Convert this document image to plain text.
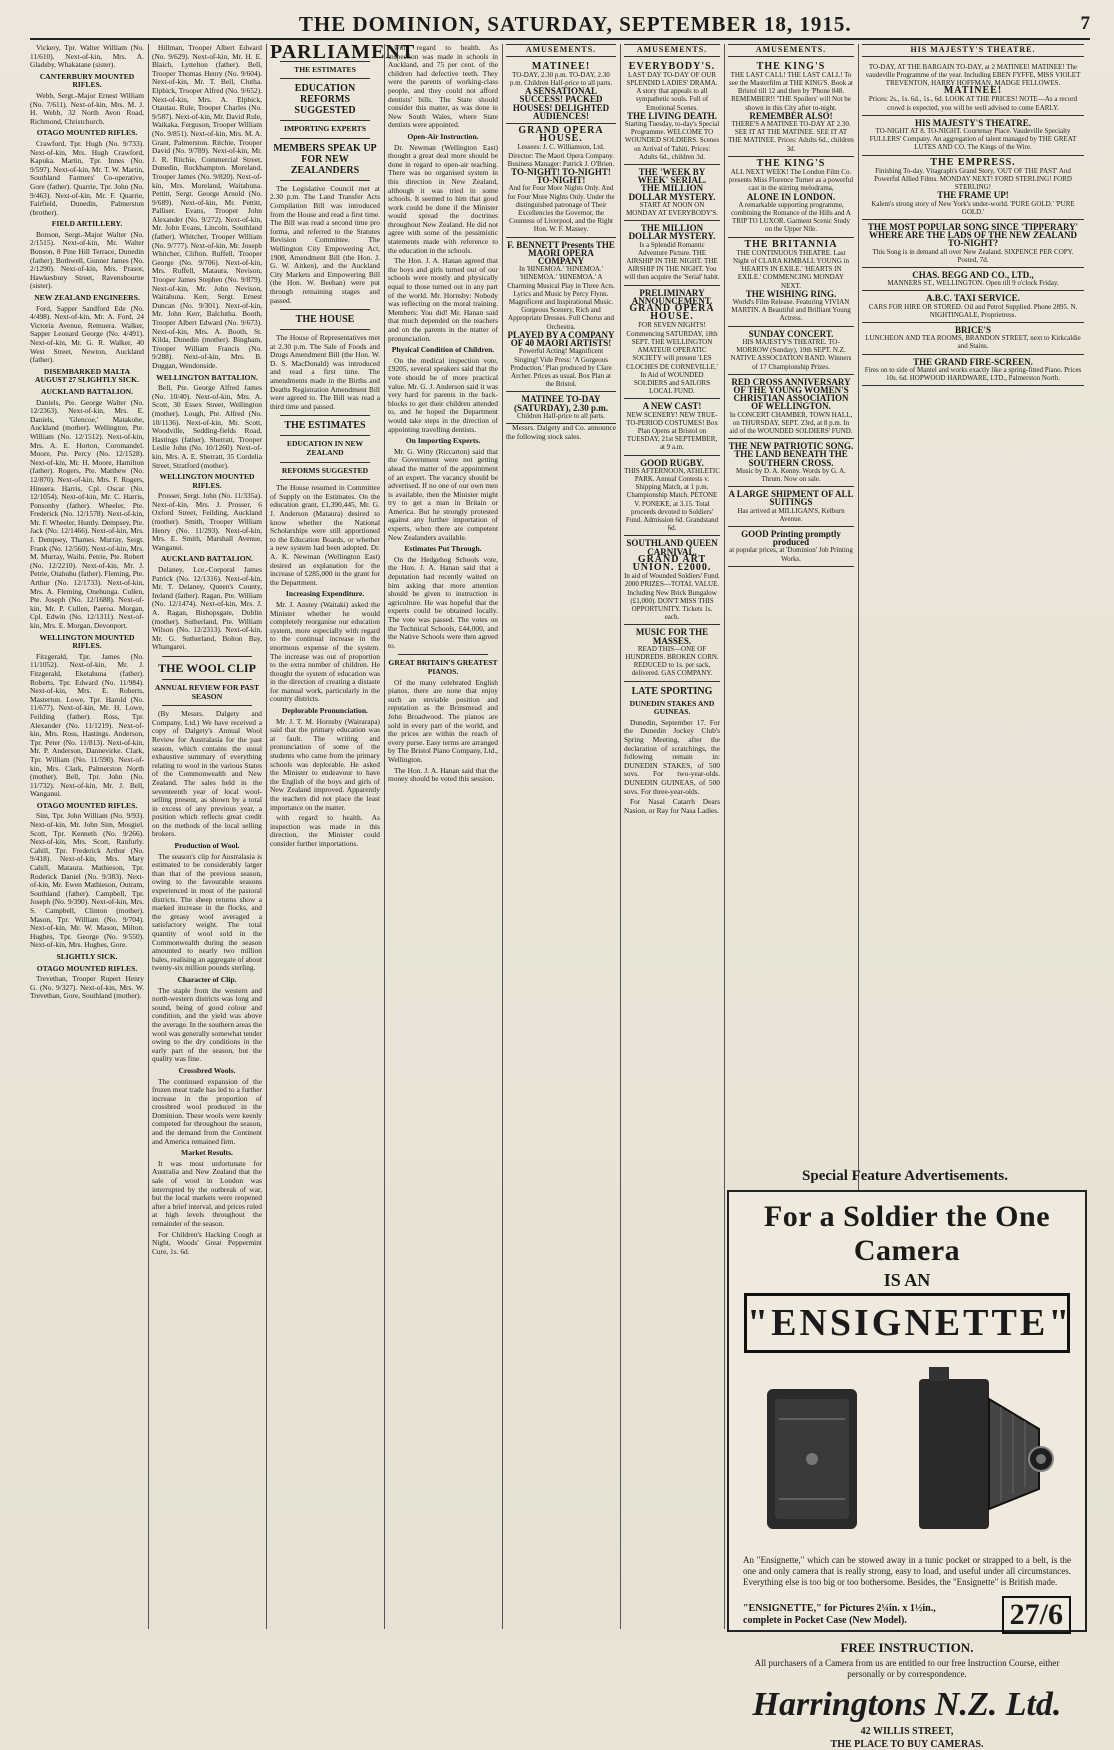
THE DOMINION, SATURDAY, SEPTEMBER 18, 1915.	7

Vickery, Tpr. Walter William (No. 11/610). Next-of-kin, Mrs. A. Gladsby, Whakatane (sister).

CANTERBURY MOUNTED RIFLES.

Webb, Sergt.-Major Ernest William (No. 7/611). Next-of-kin, Mrs. M. J. H. Webb, 32 North Avon Road, Richmond, Christchurch.

OTAGO MOUNTED RIFLES.

Crawford, Tpr. Hugh (No. 9/733). Next-of-kin, Mrs. Hugh Crawford, Kapuka. Martin, Tpr. Innes (No. 9/597). Next-of-kin, Mr. T. W. Martin, Southland Farmers' Co-operative, Gore (father). Quarrie, Tpr. John (No. 9/463). Next-of-kin, Mr. F. Quarrie, Fairfield, Dunedin, Palmerston (brother).

FIELD ARTILLERY.

Bonson, Sergt.-Major Walter (No. 2/1515). Next-of-kin, Mr. Walter Bonson, 8 Pine Hill Terrace, Dunedin (father). Bothwell, Gunner James (No. 2/1290). Next-of-kin, Mrs. Prasor, Hawkesbury Street, Ravensbourne (sister).

NEW ZEALAND ENGINEERS.

Ford, Sapper Sandford Ede (No. 4/498). Next-of-kin, Mr. A. Ford, 24 Victoria Avenue, Remuera. Walker, Sapper Leonard George (No. 4/491). Next-of-kin, Mr. G. R. Walker, 40 West Street, Newton, Auckland (father).

DISEMBARKED MALTA AUGUST 27 SLIGHTLY SICK.
AUCKLAND BATTALION.

Daniels, Pte. George Walter (No. 12/2363). Next-of-kin, Mrs. E. Daniels, 'Glencoe,' Matakohe, Auckland (mother). Wellington, Pte. William (No. 12/1512). Next-of-kin, Mrs. A. E. Horton, Coromandel. Moore, Pte. Percy (No. 12/1528). Next-of-kin, Mr. H. Moore, Hamilton (father). Rogers, Pte. Matthew (No. 12/870). Next-of-kin, Mrs. F. Rogers, Hinuera. Harris, Cpl. Oscar (No. 12/1054). Next-of-kin, Mr. C. Harris, Ponsonby (father). Wheeler, Pte. Frederick (No. 12/1578). Next-of-kin, Mr. F. Wheeler, Huntly. Dempsey, Pte. Jack (No. 12/1466). Next-of-kin, Mrs. J. Dempsey, Thames. Murray, Sergt. Frank (No. 12/560). Next-of-kin, Mrs. M. Murray, Waihi. Petrie, Pte. Robert (No. 12/2210). Next-of-kin, Mr. J. Petrie, Otahuhu (father). Fleming, Pte. Arthur (No. 12/1733). Next-of-kin, Mrs. A. Fleming, Onehunga. Cullen, Pte. Joseph (No. 12/1688). Next-of-kin, Mr. P. Cullen, Paeroa. Morgan, Cpl. Edwin (No. 12/1311). Next-of-kin, Mrs. E. Morgan, Devonport.

WELLINGTON MOUNTED RIFLES.

Fitzgerald, Tpr. James (No. 11/1052). Next-of-kin, Mr. J. Fitzgerald, Eketahuna (father). Roberts, Tpr. Edward (No. 11/984). Next-of-kin, Mrs. E. Roberts, Masterton. Lowe, Tpr. Harold (No. 11/677). Next-of-kin, Mr. H. Lowe, Feilding (father). Ross, Tpr. Alexander (No. 11/1219). Next-of-kin, Mrs. Ross, Hastings. Anderson, Tpr. Peter (No. 11/813). Next-of-kin, Mr. P. Anderson, Dannevirke. Clark, Tpr. William (No. 11/590). Next-of-kin, Mrs. Clark, Palmerston North (mother). Bell, Tpr. John (No. 11/732). Next-of-kin, Mr. J. Bell, Wanganui.

OTAGO MOUNTED RIFLES.

Sim, Tpr. John William (No. 9/93). Next-of-kin, Mr. John Sim, Mosgiel. Scott, Tpr. Kenneth (No. 9/266). Next-of-kin, Mrs. Scott, Ranfurly. Cahill, Tpr. Frederick Arthur (No. 9/418). Next-of-kin, Mrs. Mary Cahill, Mataura. Mathieson, Tpr. Roderick Daniel (No. 9/383). Next-of-kin, Mr. Ewen Mathieson, Outram, Southland (father). Campbell, Tpr. Joseph (No. 9/390). Next-of-kin, Mrs. S. Campbell, Clinton (mother). Mason, Tpr. William (No. 9/704). Next-of-kin, Mr. W. Mason, Milton. Hughes, Tpr. George (No. 9/550). Next-of-kin, Mrs. Hughes, Gore.

SLIGHTLY SICK.
OTAGO MOUNTED RIFLES.

Trevethan, Trooper Rupert Henry G. (No. 9/327). Next-of-kin, Mrs. W. Trevethan, Gore, Southland (mother).

Hillman, Trooper Albert Edward (No. 9/629). Next-of-kin, Mr. H. E. Blaich, Lyttelton (father). Bell, Trooper Thomas Henry (No. 9/604). Next-of-kin, Mr. T. Bell, Clutha. Elphick, Trooper Alfred (No. 9/652). Next-of-kin, Mrs. A. Elphick, Otautau. Rule, Trooper Charles (No. 9/587). Next-of-kin, Mr. David Rule, Waikaka. Ferguson, Trooper William (No. 9/851). Next-of-kin, Mrs. M. A. Grant, Palmerston. Ritchie, Trooper David (No. 9/789). Next-of-kin, Mr. J. R. Ritchie, Commercial Street, Dunedin, Rockhampton. Moreland, Trooper James (No. 9/820). Next-of-kin, Mrs. Moreland, Waitahuna. Pettitt, Sergt. George Arnold (No. 9/689). Next-of-kin, Mr. Pettitt, Palliser. Evans, Trooper John Alexander (No. 9/272). Next-of-kin, Mr. John Evans, Lincoln, Southland (father). Whitcher, Trooper William (No. 9/777). Next-of-kin, Mr. Joseph Whitcher, Clifton. Ruffell, Trooper George (No. 9/706). Next-of-kin, Mrs. Ruffell, Mataura. Nevison, Trooper James Stephen (No. 9/879). Next-of-kin, Mr. John Nevison, Waitahuna. Kerr, Sergt. Ernest Duncan (No. 9/301). Next-of-kin, Mr. John Kerr, Balclutha. Booth, Trooper Albert Edward (No. 9/673). Next-of-kin, Mrs. A. Booth, St. Kilda, Dunedin (mother). Bingham, Trooper William Francis (No. 9/288). Next-of-kin, Mrs. B. Duggan, Wendonside.

WELLINGTON BATTALION.

Bell, Pte. George Alfred James (No. 10/40). Next-of-kin, Mrs. A. Scott, 30 Essex Street, Wellington (mother). Lough, Pte. Alfred (No. 10/1136). Next-of-kin, Mr. Scott, Woodville, Sedding-fields Road, Hastings (father). Sherratt, Trooper Leslie John (No. 10/1260). Next-of-kin, Mrs. A. E. Sherratt, 35 Cordelia Street, Stratford (mother).

WELLINGTON MOUNTED RIFLES.

Prosser, Sergt. John (No. 11/335a). Next-of-kin, Mrs. J. Prosser, 6 Oxford Street, Feilding, Auckland (mother). Smith, Trooper William Henry (No. 11/293). Next-of-kin, Mrs. E. Smith, Marshall Avenue, Wanganui.

AUCKLAND BATTALION.

Delaney, Lce.-Corporal James Patrick (No. 12/1316). Next-of-kin, Mr. T. Delaney, Queen's County, Ireland (father). Ragan, Pte. William (No. 12/1474). Next-of-kin, Mrs. J. A. Ragan, Bishopsgate, Dublin (mother). Sutherland, Pte. William Wilson (No. 12/2313). Next-of-kin, Mr. G. Sutherland, Bolton Bay, Whangarei.

THE WOOL CLIP
ANNUAL REVIEW FOR PAST SEASON

(By Messrs. Dalgety and Company, Ltd.) We have received a copy of Dalgety's Annual Wool Review for Australasia for the past season, which contains the usual exhaustive summary of everything relating to wool in the various States of the Commonwealth and New Zealand. The sales held in the seventeenth year of local wool-selling present, as shown by a total in excess of any previous year, a position which reflects great credit on the methods of the local selling brokers.

Production of Wool.

The season's clip for Australasia is estimated to be considerably larger than that of the previous season, owing to the favourable seasons experienced in most of the pastoral districts. The sheep returns show a marked increase in the flocks, and the greasy wool averaged a satisfactory weight. The total quantity of wool sold in the Commonwealth during the season amounted to nearly two million bales, realising an aggregate of about twenty-six million pounds sterling.

Character of Clip.

The staple from the western and north-western districts was long and sound, being of good colour and condition, and the yield was above the average. In the southern areas the wool was generally somewhat tender owing to the dry conditions in the early part of the season, but the quality was fine.

Crossbred Wools.

The continued expansion of the frozen meat trade has led to a further increase in the proportion of crossbred wool produced in the Dominion. These wools were keenly competed for throughout the season, and the demand from the Continent and America remained firm.

Market Results.

It was most unfortunate for Australia and New Zealand that the sale of wool in London was interrupted by the outbreak of war, but the local markets were reopened after a brief interval, and prices ruled at high levels throughout the remainder of the season.

For Children's Hacking Cough at Night, Woods' Great Peppermint Cure, 1s. 6d.

PARLIAMENT
THE ESTIMATES
EDUCATION REFORMS SUGGESTED
IMPORTING EXPERTS
MEMBERS SPEAK UP FOR NEW ZEALANDERS

The Legislative Council met at 2.30 p.m. The Land Transfer Acts Compilation Bill was introduced from the House and read a first time. The Bill was read a second time pro forma, and referred to the Statutes Revision Committee. The Wellington City Empowering Act, 1908, Amendment Bill (the Hon. J. G. W. Aitken), and the Auckland City Markets and Empowering Bill (the Hon. W. Beehan) were put through remaining stages and passed.

THE HOUSE

The House of Representatives met at 2.30 p.m. The Sale of Foods and Drugs Amendment Bill (the Hon. W. D. S. MacDonald) was introduced and read a first time. The amendments made in the Births and Deaths Registration Amendment Bill were agreed to. The Bill was read a third time and passed.

THE ESTIMATES
EDUCATION IN NEW ZEALAND
REFORMS SUGGESTED

The House resumed in Committee of Supply on the Estimates. On the education grant, £1,390,445, Mr. G. J. Anderson (Mataura) desired to know whether the National Scholarships were still apportioned to the Education Boards, or whether a new system had been adopted. Dr. A. K. Newman (Wellington East) desired an explanation for the increase of £285,000 in the grant for the Department.

Increasing Expenditure.

Mr. J. Anstey (Waitaki) asked the Minister whether he would completely reorganise our education system, more especially with regard to the continual increase in the enormous expense of the system. The increase was out of proportion to the extra number of children. He thought the system of education was in the direction of creating a distaste for manual work, particularly in the country districts.

Deplorable Pronunciation.

Mr. J. T. M. Hornsby (Wairarapa) said that the primary education was at fault. The writing and pronunciation of some of the students who came from the primary schools was deplorable. He asked the Minister to endeavour to have the English of the boys and girls of New Zealand improved. Apparently the teachers did not place the least importance on the matter.

with regard to health. As inspection was made in this direction, the Minister could consider further importations.

with regard to health. As inspection was made in schools in Auckland, and 75 per cent. of the children had defective teeth. They were the parents of working-class people, and they could not afford dentists' bills. The State should consider this matter, as was done in New South Wales, where State dentists were appointed.

Open-Air Instruction.

Dr. Newman (Wellington East) thought a great deal more should be done in regard to open-air teaching. There was no organised system in this direction in New Zealand, although it was tried in some schools. It seemed to him that good work could be done if the Minister would spread the doctrines throughout New Zealand. He did not agree with some of the pessimistic statements made with reference to the education in the schools.

The Hon. J. A. Hanan agreed that the boys and girls turned out of our schools were mostly and physically equal to those turned out in any part of the world. Mr. Hornsby: Nobody was reflecting on the moral training. Members: You did! Mr. Hanan said that much depended on the teachers and on the parents in the matter of pronunciation.

Physical Condition of Children.

On the medical inspection vote, £9205, several speakers said that the vote should be of more practical value. Mr. G. J. Anderson said it was very hard for parents in the back-blocks to get their children attended to, and he hoped the Department would take steps in the direction of appointing travelling dentists.

On Importing Experts.

Mr. G. Witty (Riccarton) said that the Government were not getting ahead the matter of the appointment of an expert. The vacancy should be advertised. If no one of our own men is available, then the Minister might try to get a man in Britain or America. But he strongly protested against any further importation of experts, when there are competent New Zealanders available.

Estimates Put Through.

On the Hedgehog Schools vote, the Hon. J. A. Hanan said that a deputation had recently waited on him asking that more attention should be given to instruction in agriculture. He was hopeful that the experts could be obtained locally. The vote was passed. The votes on the Technical Schools, £44,000, and the Native Schools were then agreed to.

GREAT BRITAIN'S GREATEST PIANOS.

Of the many celebrated English pianos, there are none that enjoy such an enviable position and reputation as the Brinsmead and John Broadwood. The pianos are sold in every part of the world, and the prices are within the reach of every purse. Easy terms are arranged by The Bristol Piano Company, Ltd., Wellington.

The Hon. J. A. Hanan said that the money should be voted this session.

AMUSEMENTS.
MATINEE!
TO-DAY, 2.30 p.m. TO-DAY, 2.30 p.m. Children Half-price to all parts.
A SENSATIONAL SUCCESS! PACKED HOUSES! DELIGHTED AUDIENCES!
GRAND OPERA HOUSE.
Lessees: J. C. Williamson, Ltd. Director: The Maori Opera Company. Business Manager: Patrick J. O'Brien.
TO-NIGHT! TO-NIGHT! TO-NIGHT!
And for Four More Nights Only. And for Four More Nights Only. Under the distinguished patronage of Their Excellencies the Governor, the Countess of Liverpool, and the Right Hon. W. F. Massey.
F. BENNETT Presents THE MAORI OPERA COMPANY
In 'HINEMOA.' 'HINEMOA.' 'HINEMOA.' 'HINEMOA.' A Charming Musical Play in Three Acts. Lyrics and Music by Percy Flynn. Magnificent and Inspirational Music. Gorgeous Scenery, Rich and Appropriate Dresses. Full Chorus and Orchestra.
PLAYED BY A COMPANY OF 40 MAORI ARTISTS!
Powerful Acting! Magnificent Singing! Vide Press: 'A Gorgeous Production.' Plan produced by Clare Archer. Prices as usual. Box Plan at the Bristol.
MATINEE TO-DAY (SATURDAY), 2.30 p.m.
Children Half-price to all parts.

Messrs. Dalgety and Co. announce the following stock sales.

AMUSEMENTS.
EVERYBODY'S.
LAST DAY TO-DAY OF OUR SPLENDID LADIES' DRAMA. A story that appeals to all sympathetic souls. Full of Emotional Scenes.
THE LIVING DEATH.
Starting Tuesday, to-day's Special Programme. WELCOME TO WOUNDED SOLDIERS. Scenes on Arrival of Tahiti. Prices: Adults 6d., children 3d.
THE 'WEEK BY WEEK' SERIAL.
THE MILLION DOLLAR MYSTERY.
START AT NOON ON MONDAY AT EVERYBODY'S.
THE MILLION DOLLAR MYSTERY.
Is a Splendid Romantic Adventure Picture. THE AIRSHIP IN THE NIGHT. THE AIRSHIP IN THE NIGHT. You will then acquire the 'Serial' habit.
PRELIMINARY ANNOUNCEMENT.
GRAND OPERA HOUSE.
FOR SEVEN NIGHTS! Commencing SATURDAY, 18th SEPT. THE WELLINGTON AMATEUR OPERATIC SOCIETY will present 'LES CLOCHES DE CORNEVILLE.' In Aid of WOUNDED SOLDIERS and SAILORS LOCAL FUND.
A NEW CAST!
NEW SCENERY! NEW TRUE-TO-PERIOD COSTUMES! Box Plan Opens at Bristol on TUESDAY, 21st SEPTEMBER, at 9 a.m.
GOOD RUGBY.
THIS AFTERNOON, ATHLETIC PARK. Annual Contests v. Shipping Match, at 1 p.m. Championship Match. PETONE V. PONEKE, at 3.15. Total proceeds devoted to Soldiers' Fund. Admission 6d. Grandstand 6d.
SOUTHLAND QUEEN CARNIVAL.
GRAND ART UNION. £2000.
In aid of Wounded Soldiers' Fund. 2000 PRIZES—TOTAL VALUE. Including New Brick Bungalow (£1,000). DON'T MISS THIS OPPORTUNITY. Tickets 1s. each.
MUSIC FOR THE MASSES.
READ THIS—ONE OF HUNDREDS. BROKEN CORN. REDUCED to 1s. per sack, delivered. GAS COMPANY.
LATE SPORTING
DUNEDIN STAKES AND GUINEAS.

Dunedin, September 17. For the Dunedin Jockey Club's Spring Meeting, after the declaration of scratchings, the following remain in: DUNEDIN STAKES, of 500 sovs. For two-year-olds. DUNEDIN GUINEAS, of 500 sovs. For three-year-olds.

For Nasal Catarrh Dears Nasion, or Ray for Nasa Ladies.

AMUSEMENTS.
THE KING'S
THE LAST CALL! THE LAST CALL! To see the Masterfilm at THE KING'S. Book at Bristol till 12 and then by 'Phone 848. REMEMBER!! 'THE Spoilers' will Not be shown in this City after to-night.
REMEMBER ALSO!
THERE'S A MATINEE TO-DAY AT 2.30. SEE IT AT THE MATINEE. SEE IT AT THE MATINEE. Prices: Adults 6d., children 3d.
THE KING'S
ALL NEXT WEEK! The London Film Co. presents Miss Florence Turner as a powerful cast in the stirring melodrama,
ALONE IN LONDON.
A remarkable supporting programme, combining the Romance of the Hills and A TRIP TO LUXOR. Garment Scenic Study on the Upper Nile.
THE BRITANNIA
THE CONTINUOUS THEATRE. Last Night of CLARA KIMBALL YOUNG in 'HEARTS IN EXILE.' 'HEARTS IN EXILE.' COMMENCING MONDAY NEXT.
THE WISHING RING.
World's Film Release. Featuring VIVIAN MARTIN. A Beautiful and Brilliant Young Actress.
SUNDAY CONCERT.
HIS MAJESTY'S THEATRE. TO-MORROW (Sunday), 19th SEPT. N.Z. NATIVE ASSOCIATION BAND. Winners of 17 Championship Prizes.
RED CROSS ANNIVERSARY OF THE YOUNG WOMEN'S CHRISTIAN ASSOCIATION OF WELLINGTON.
In CONCERT CHAMBER, TOWN HALL, on THURSDAY, SEPT. 23rd, at 8 p.m. In aid of the WOUNDED SOLDIERS' FUND.
THE NEW PATRIOTIC SONG.
THE LAND BENEATH THE SOUTHERN CROSS.
Music by D. A. Kenny. Words by G. A. Thrum. Now on sale.
A LARGE SHIPMENT OF ALL SUITINGS
Has arrived at MILLIGAN'S, Kelburn Avenue.
GOOD Printing promptly produced
at popular prices, at 'Dominion' Job Printing Works.
HIS MAJESTY'S THEATRE.
TO-DAY, AT THE BARGAIN TO-DAY, at 2 MATINEE! MATINEE! The vaudeville Programme of the year. Including EBEN FYFFE, MISS VIOLET TREVENTON, HARRY HOFFMAN, MADGE FELLOWES.
MATINEE!
Prices: 2s., 1s. 6d., 1s., 6d. LOOK AT THE PRICES! NOTE—As a record crowd is expected, you will be well advised to come EARLY.
HIS MAJESTY'S THEATRE.
TO-NIGHT AT 8. TO-NIGHT. Courtenay Place. Vaudeville Specialty FULLERS' Company. An aggregation of talent managed by THE GREAT LUTES AND CO. The Kings of the Wire.
THE EMPRESS.
Finishing To-day. Vitagraph's Grand Story, 'OUT OF THE PAST' And Powerful Allied Films. MONDAY NEXT! FORD STERLING! FORD STERLING!
THE FRAME UP!
Kalem's strong story of New York's under-world. 'PURE GOLD.' 'PURE GOLD.'
THE MOST POPULAR SONG SINCE 'TIPPERARY'
WHERE ARE THE LADS OF THE NEW ZEALAND TO-NIGHT?
This Song is in demand all over New Zealand. SIXPENCE PER COPY. Posted, 7d.
CHAS. BEGG AND CO., LTD.,
MANNERS ST., WELLINGTON. Open till 9 o'clock Friday.
A.B.C. TAXI SERVICE.
CARS FOR HIRE OR STORED. Oil and Petrol Supplied. Phone 2895. N. NIGHTINGALE, Proprietress.
BRICE'S
LUNCHEON AND TEA ROOMS, BRANDON STREET, next to Kirkcaldie and Stains.
THE GRAND FIRE-SCREEN.
Fires on to side of Mantel and works exactly like a spring-fitted Piano. Prices 10s. 6d. HOPWOOD HARDWARE, LTD., Palmerston North.
Special Feature Advertisements.
For a Soldier the One Camera
IS AN
"ENSIGNETTE"
An "Ensignette," which can be stowed away in a tunic pocket or strapped to a belt, is the one and only camera that is really strong, easy to load, and useful under all circumstances. Everything else is too big or too bothersome. Besides, the "Ensignette" is British made.
"ENSIGNETTE," for Pictures 2¼in. x 1½in., complete in Pocket Case (New Model).	27/6
FREE INSTRUCTION.
All purchasers of a Camera from us are entitled to our free Instruction Course, either personally or by correspondence.
Harringtons N.Z. Ltd.
42 WILLIS STREET,
THE PLACE TO BUY CAMERAS.
